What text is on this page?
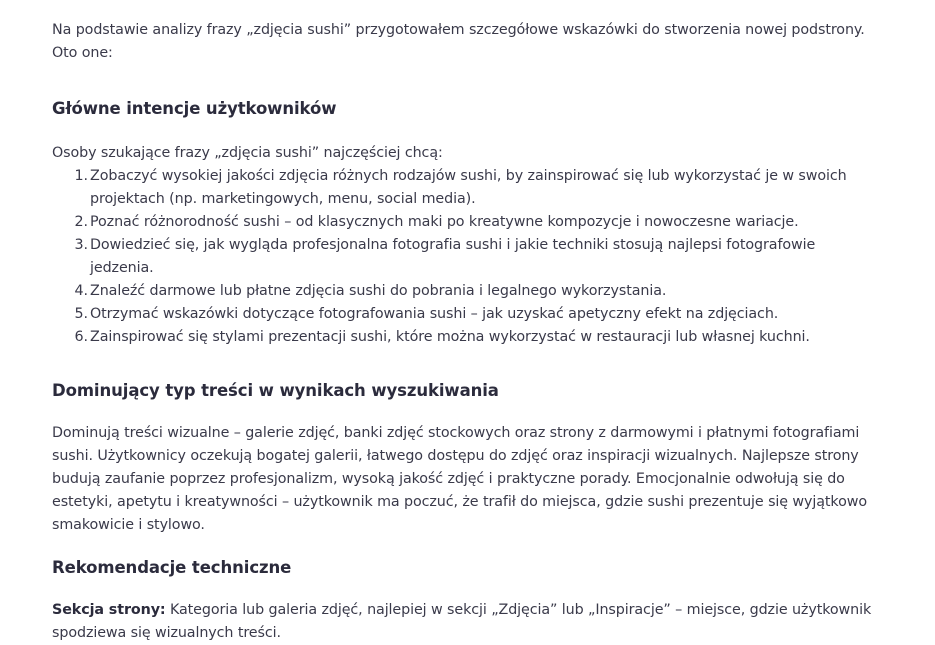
Na podstawie analizy frazy „zdjęcia sushi” przygotowałem szczegółowe wskazówki do stworzenia nowej podstrony. Oto one:

Główne intencje użytkowników

Osoby szukające frazy „zdjęcia sushi” najczęściej chcą:

1. Zobaczyć wysokiej jakości zdjęcia różnych rodzajów sushi, by zainspirować się lub wykorzystać je w swoich projektach (np. marketingowych, menu, social media).
2. Poznać różnorodność sushi – od klasycznych maki po kreatywne kompozycje i nowoczesne wariacje.
3. Dowiedzieć się, jak wygląda profesjonalna fotografia sushi i jakie techniki stosują najlepsi fotografowie jedzenia.
4. Znaleźć darmowe lub płatne zdjęcia sushi do pobrania i legalnego wykorzystania.
5. Otrzymać wskazówki dotyczące fotografowania sushi – jak uzyskać apetyczny efekt na zdjęciach.
6. Zainspirować się stylami prezentacji sushi, które można wykorzystać w restauracji lub własnej kuchni.
Dominujący typ treści w wynikach wyszukiwania

Dominują treści wizualne – galerie zdjęć, banki zdjęć stockowych oraz strony z darmowymi i płatnymi fotografiami sushi. Użytkownicy oczekują bogatej galerii, łatwego dostępu do zdjęć oraz inspiracji wizualnych. Najlepsze strony budują zaufanie poprzez profesjonalizm, wysoką jakość zdjęć i praktyczne porady. Emocjonalnie odwołują się do estetyki, apetytu i kreatywności – użytkownik ma poczuć, że trafił do miejsca, gdzie sushi prezentuje się wyjątkowo smakowicie i stylowo.

Rekomendacje techniczne

Sekcja strony: Kategoria lub galeria zdjęć, najlepiej w sekcji „Zdjęcia” lub „Inspiracje” – miejsce, gdzie użytkownik spodziewa się wizualnych treści.
